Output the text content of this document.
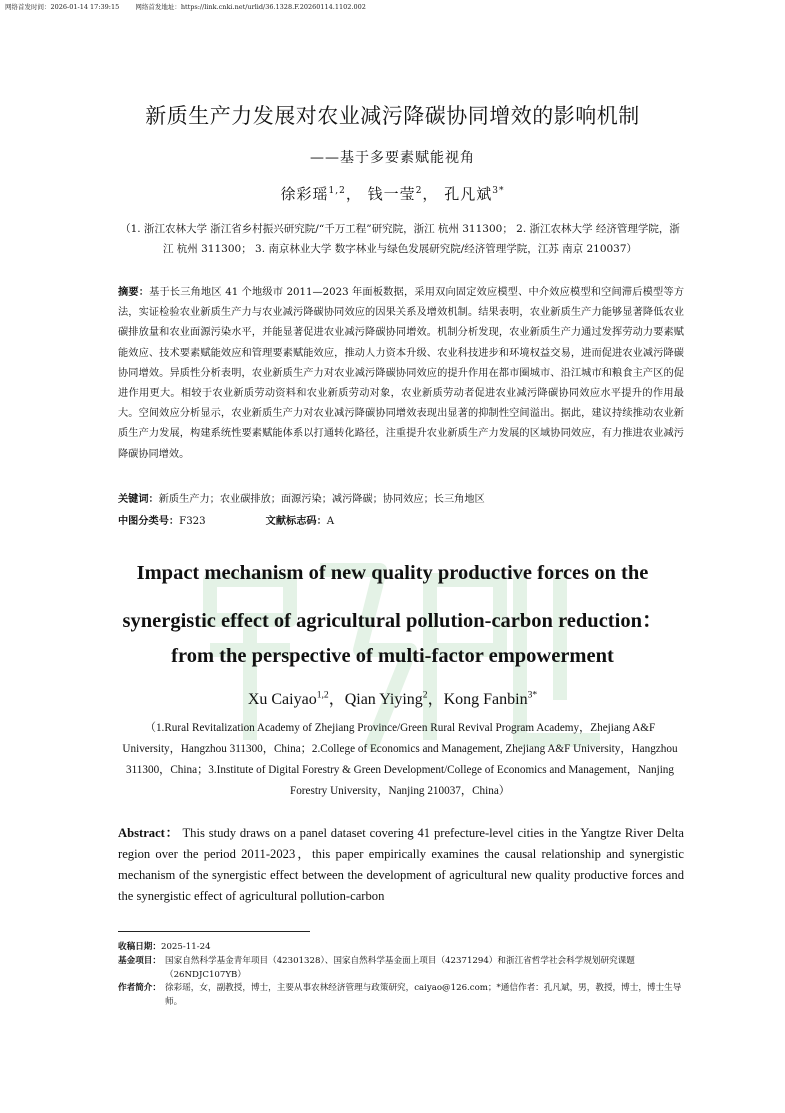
网络首发时间：2026-01-14 17:39:15 网络首发地址：https://link.cnki.net/urlid/36.1328.F.20260114.1102.002
新质生产力发展对农业减污降碳协同增效的影响机制
——基于多要素赋能视角
徐彩瑶$^{1,2}$， 钱一莹$^2$， 孔凡斌$^{3*}$
（1. 浙江农林大学 浙江省乡村振兴研究院/“千万工程”研究院，浙江 杭州 311300； 2. 浙江农林大学 经济管理学院，浙江 杭州 311300； 3. 南京林业大学 数字林业与绿色发展研究院/经济管理学院，江苏 南京 210037）
摘要：基于长三角地区 41 个地级市 2011—2023 年面板数据，采用双向固定效应模型、中介效应模型和空间滞后模型等方法，实证检验农业新质生产力与农业减污降碳协同效应的因果关系及增效机制。结果表明，农业新质生产力能够显著降低农业碳排放量和农业面源污染水平，并能显著促进农业减污降碳协同增效。机制分析发现，农业新质生产力通过发挥劳动力要素赋能效应、技术要素赋能效应和管理要素赋能效应，推动人力资本升级、农业科技进步和环境权益交易，进而促进农业减污降碳协同增效。异质性分析表明，农业新质生产力对农业减污降碳协同效应的提升作用在都市圈城市、沿江城市和粮食主产区的促进作用更大。相较于农业新质劳动资料和农业新质劳动对象，农业新质劳动者促进农业减污降碳协同效应水平提升的作用最大。空间效应分析显示，农业新质生产力对农业减污降碳协同增效表现出显著的抑制性空间溢出。据此，建议持续推动农业新质生产力发展，构建系统性要素赋能体系以打通转化路径，注重提升农业新质生产力发展的区域协同效应，有力推进农业减污降碳协同增效。
关键词：新质生产力；农业碳排放；面源污染；减污降碳；协同效应；长三角地区
中图分类号：F323	文献标志码：A
Impact mechanism of new quality productive forces on the
synergistic effect of agricultural pollution-carbon reduction：
from the perspective of multi-factor empowerment
Xu Caiyao$^{1,2}$，Qian Yiying$^2$，Kong Fanbin$^{3*}$
（1.Rural Revitalization Academy of Zhejiang Province/Green Rural Revival Program Academy，Zhejiang A&F University，Hangzhou 311300，China；2.College of Economics and Management, Zhejiang A&F University，Hangzhou 311300，China；3.Institute of Digital Forestry & Green Development/College of Economics and Management，Nanjing Forestry University，Nanjing 210037，China）
Abstract： This study draws on a panel dataset covering 41 prefecture-level cities in the Yangtze River Delta region over the period 2011-2023，this paper empirically examines the causal relationship and synergistic mechanism of the synergistic effect between the development of agricultural new quality productive forces and the synergistic effect of agricultural pollution-carbon
收稿日期：2025-11-24
基金项目： 国家自然科学基金青年项目（42301328）、国家自然科学基金面上项目（42371294）和浙江省哲学社会科学规划研究课题（26NDJC107YB）
作者简介： 徐彩瑶，女，副教授，博士，主要从事农林经济管理与政策研究，caiyao@126.com；*通信作者：孔凡斌，男，教授，博士，博士生导师。
